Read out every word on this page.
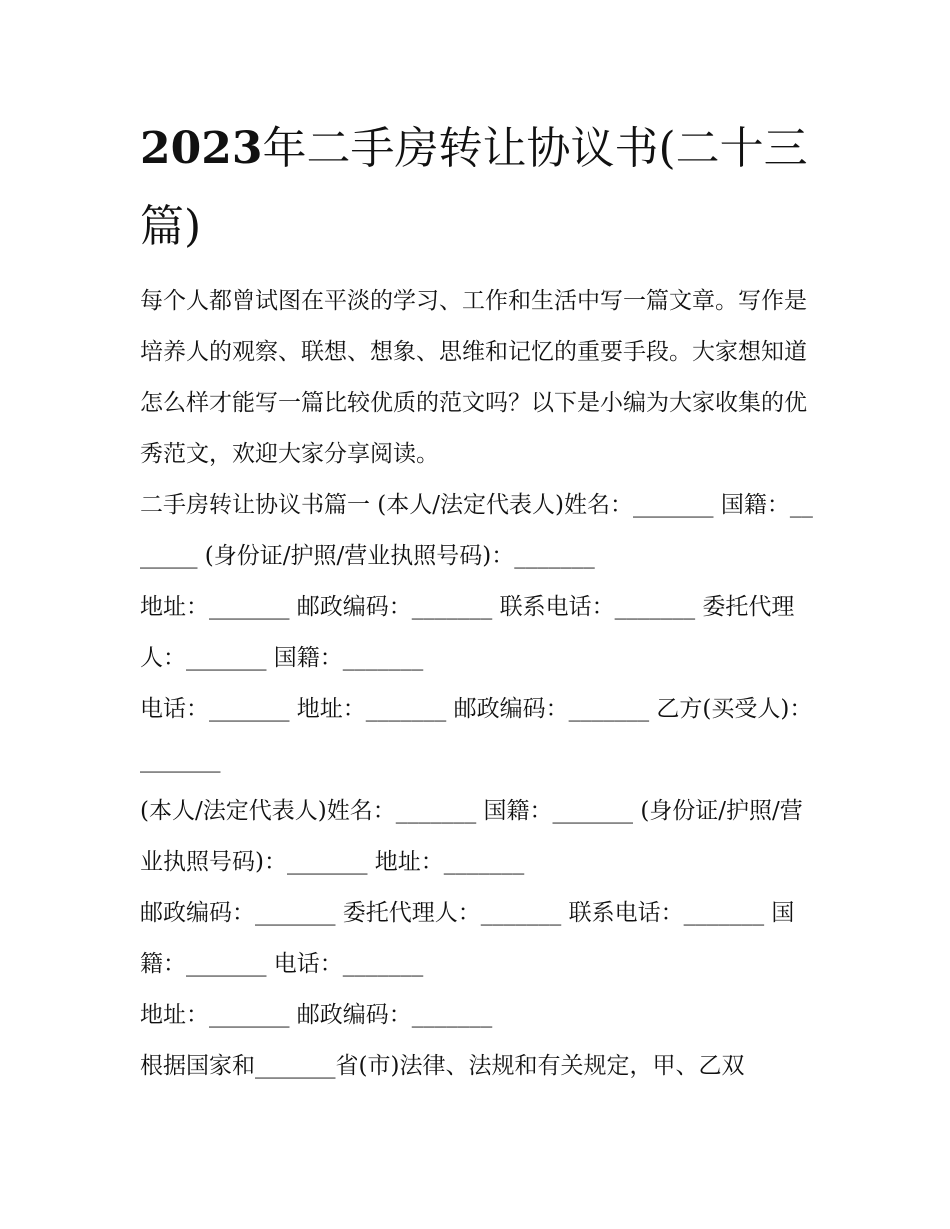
2023年二手房转让协议书(二十三篇)

每个人都曾试图在平淡的学习、工作和生活中写一篇文章。写作是培养人的观察、联想、想象、思维和记忆的重要手段。大家想知道怎么样才能写一篇比较优质的范文吗？以下是小编为大家收集的优秀范文，欢迎大家分享阅读。

二手房转让协议书篇一 (本人/法定代表人)姓名：_______ 国籍：_______ (身份证/护照/营业执照号码)：_______

地址：_______ 邮政编码：_______ 联系电话：_______ 委托代理人：_______ 国籍：_______

电话：_______ 地址：_______ 邮政编码：_______ 乙方(买受人)：_______

(本人/法定代表人)姓名：_______ 国籍：_______ (身份证/护照/营业执照号码)：_______ 地址：_______

邮政编码：_______ 委托代理人：_______ 联系电话：_______ 国籍：_______ 电话：_______

地址：_______ 邮政编码：_______

根据国家和_______省(市)法律、法规和有关规定，甲、乙双
